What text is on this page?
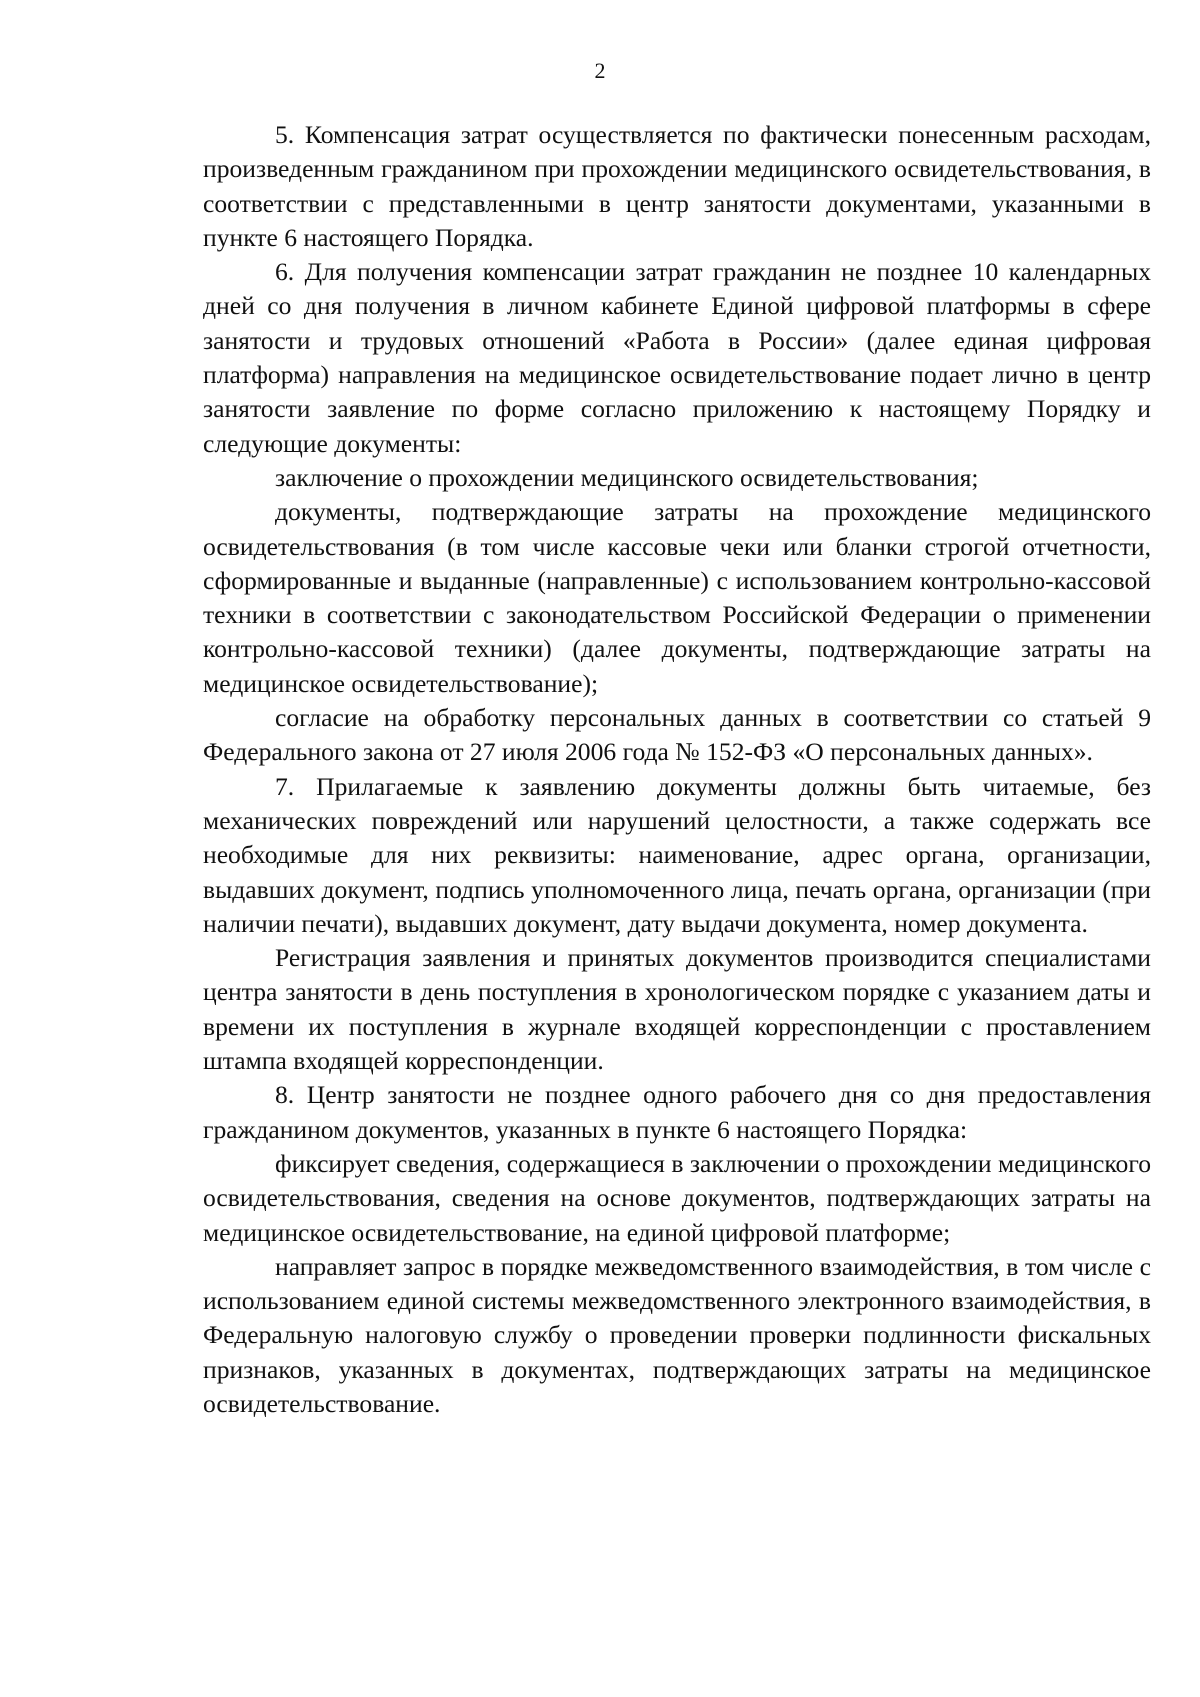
2

5. Компенсация затрат осуществляется по фактически понесенным расходам, произведенным гражданином при прохождении медицинского освидетельствования, в соответствии с представленными в центр занятости документами, указанными в пункте 6 настоящего Порядка.

6. Для получения компенсации затрат гражданин не позднее 10 календарных дней со дня получения в личном кабинете Единой цифровой платформы в сфере занятости и трудовых отношений «Работа в России» (далее единая цифровая платформа) направления на медицинское освидетельствование подает лично в центр занятости заявление по форме согласно приложению к настоящему Порядку и следующие документы:

заключение о прохождении медицинского освидетельствования;

документы, подтверждающие затраты на прохождение медицинского освидетельствования (в том числе кассовые чеки или бланки строгой отчетности, сформированные и выданные (направленные) с использованием контрольно-кассовой техники в соответствии с законодательством Российской Федерации о применении контрольно-кассовой техники) (далее документы, подтверждающие затраты на медицинское освидетельствование);

согласие на обработку персональных данных в соответствии со статьей 9 Федерального закона от 27 июля 2006 года № 152-ФЗ «О персональных данных».

7. Прилагаемые к заявлению документы должны быть читаемые, без механических повреждений или нарушений целостности, а также содержать все необходимые для них реквизиты: наименование, адрес органа, организации, выдавших документ, подпись уполномоченного лица, печать органа, организации (при наличии печати), выдавших документ, дату выдачи документа, номер документа.

Регистрация заявления и принятых документов производится специалистами центра занятости в день поступления в хронологическом порядке с указанием даты и времени их поступления в журнале входящей корреспонденции с проставлением штампа входящей корреспонденции.

8. Центр занятости не позднее одного рабочего дня со дня предоставления гражданином документов, указанных в пункте 6 настоящего Порядка:

фиксирует сведения, содержащиеся в заключении о прохождении медицинского освидетельствования, сведения на основе документов, подтверждающих затраты на медицинское освидетельствование, на единой цифровой платформе;

направляет запрос в порядке межведомственного взаимодействия, в том числе с использованием единой системы межведомственного электронного взаимодействия, в Федеральную налоговую службу о проведении проверки подлинности фискальных признаков, указанных в документах, подтверждающих затраты на медицинское освидетельствование.
